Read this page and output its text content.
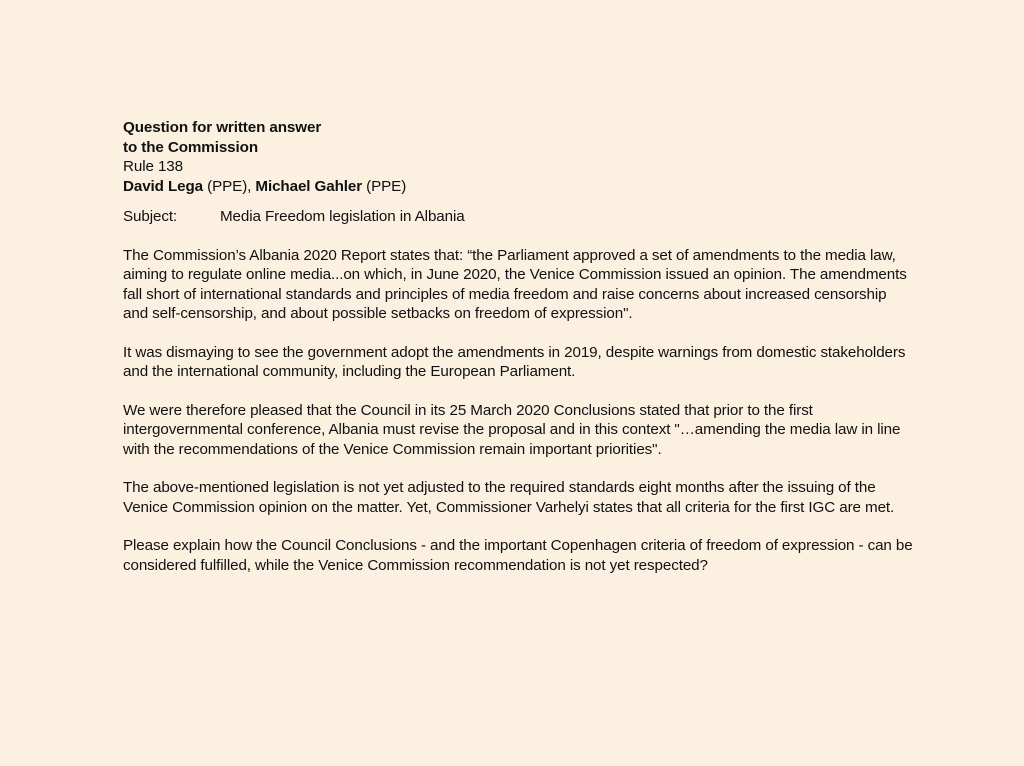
Question for written answer
to the Commission
Rule 138
David Lega (PPE), Michael Gahler (PPE)
Subject:	Media Freedom legislation in Albania

The Commission’s Albania 2020 Report states that: “the Parliament approved a set of amendments to the media law, aiming to regulate online media...on which, in June 2020, the Venice Commission issued an opinion. The amendments fall short of international standards and principles of media freedom and raise concerns about increased censorship and self-censorship, and about possible setbacks on freedom of expression".

It was dismaying to see the government adopt the amendments in 2019, despite warnings from domestic stakeholders and the international community, including the European Parliament.

We were therefore pleased that the Council in its 25 March 2020 Conclusions stated that prior to the first intergovernmental conference, Albania must revise the proposal and in this context "…amending the media law in line with the recommendations of the Venice Commission remain important priorities".

The above-mentioned legislation is not yet adjusted to the required standards eight months after the issuing of the Venice Commission opinion on the matter. Yet, Commissioner Varhelyi states that all criteria for the first IGC are met.

Please explain how the Council Conclusions - and the important Copenhagen criteria of freedom of expression - can be considered fulfilled, while the Venice Commission recommendation is not yet respected?
